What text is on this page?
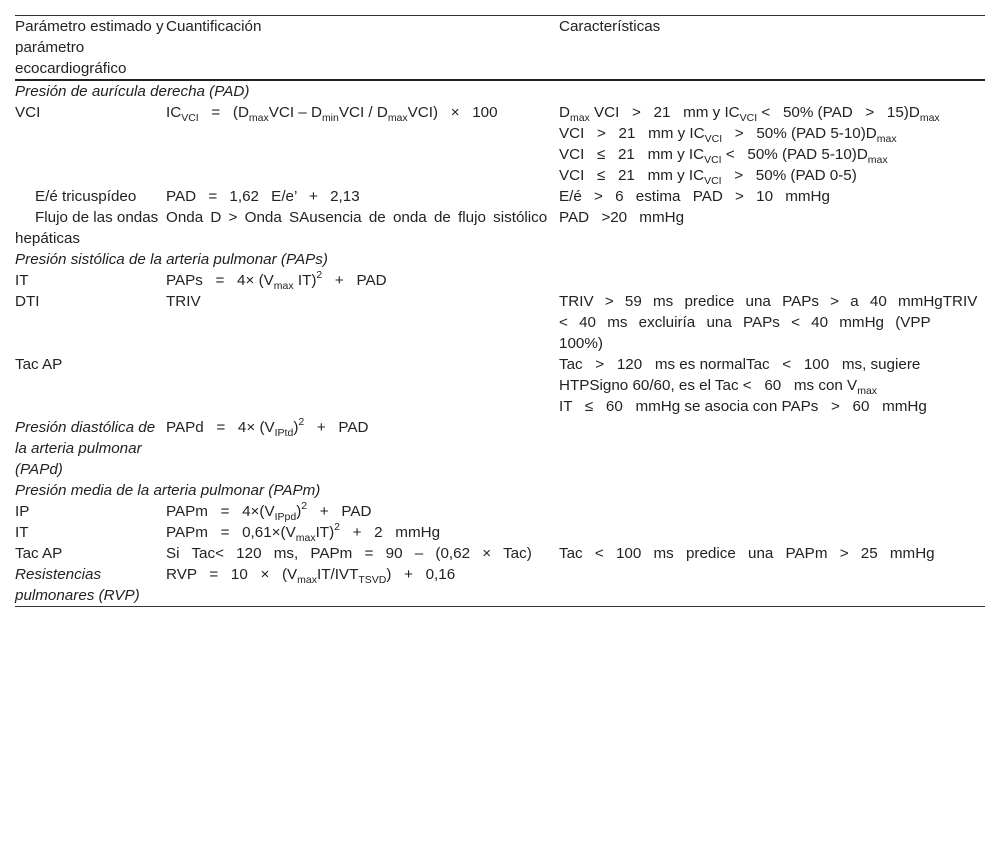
Parámetro estimado y parámetro ecocardiográfico	Cuantificación	Características
Presión de aurícula derecha (PAD)		
VCI	$IC_{VCI} = (D_{max}VCI - D_{min}VCI / D_{max}VCI) \times 100$	$D_{max}$ VCI   >   21 mm y $IC_{VCI} < 50\%$ $(PAD > 15)D_{max}$ VCI   >   21 mm y $IC_{VCI} > 50\%$ (PAD $5-10)D_{max}$ VCI   ≤   21 mm y $IC_{VCI} < 50\%$ (PAD $5-10)D_{max}$ VCI   ≤   21 mm y $IC_{VCI} > 50\%$ (PAD 0-5)
E/é tricuspídeo	PAD = 1,62 E/e’ + 2,13	E/é > 6 estima PAD > 10 mmHg
Flujo de las ondas hepáticas	Onda D > Onda SAusencia de onda de flujo sistólico	PAD >20 mmHg
Presión sistólica de la arteria pulmonar (PAPs)		
IT	PAPs   =   $4\times (V_{max}$ IT)$^2$   +   PAD	
DTI	TRIV	TRIV > 59 ms predice una PAPs > a 40 mmHgTRIV < 40 ms excluiría una PAPs < 40 mmHg (VPP 100%)
Tac AP		Tac   >   120 ms es normalTac   <   100 ms, sugiere HTPSigno 60/60, es el Tac < 60 ms con $V_{max}$ IT   ≤   60 mmHg se asocia con PAPs   >   60 mmHg
Presión diastólica de la arteria pulmonar (PAPd)	PAPd   =   $4\times (V_{IPtd})^2$   +   PAD	
Presión media de la arteria pulmonar (PAPm)		
IP	PAPm   =   $4\times(V_{IPpd})^2$   +   PAD	
IT	PAPm   =   $0,61\times(V_{max}IT)^2 + 2$ mmHg	
Tac AP	Si Tac< 120 ms, PAPm = 90 – (0,62 × Tac)	Tac < 100 ms predice una PAPm > 25 mmHg
Resistencias pulmonares (RVP)	RVP   =   $10 \times (V_{max}IT/IVT_{TSVD}) + 0,16$	
